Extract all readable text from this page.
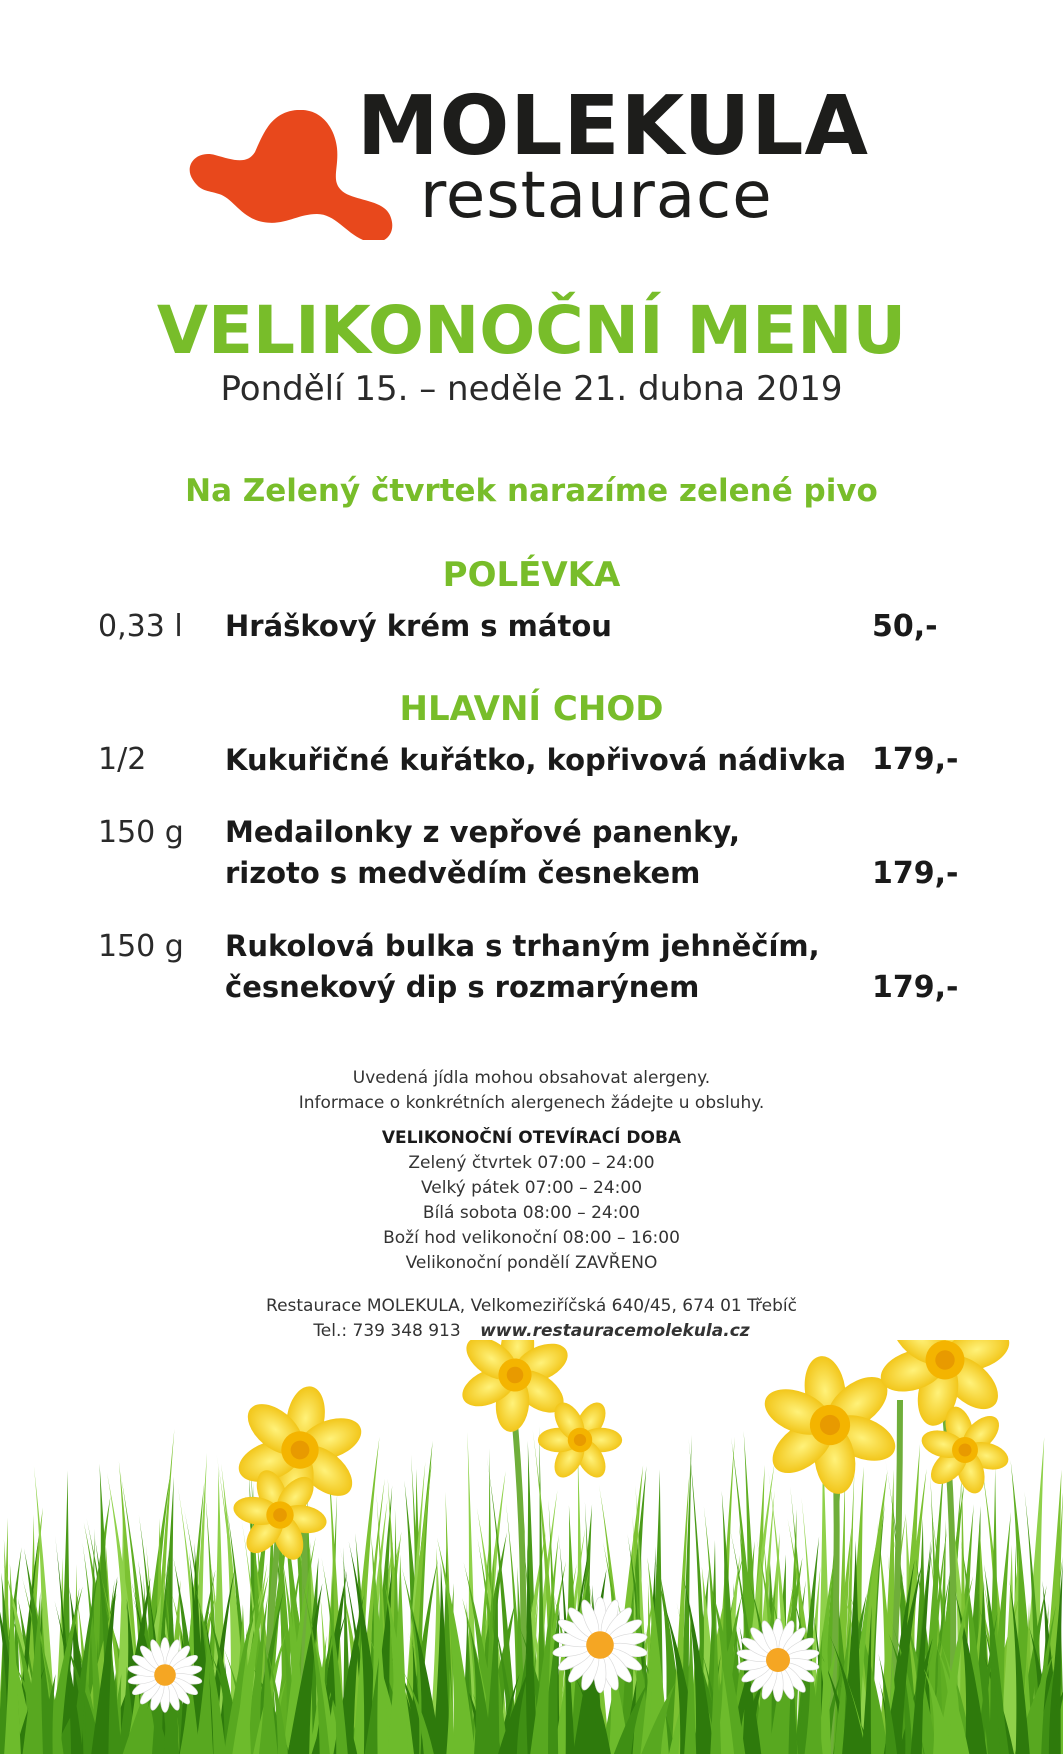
MOLEKULA
restaurace
VELIKONOČNÍ MENU
Pondělí 15. – neděle 21. dubna 2019
Na Zelený čtvrtek narazíme zelené pivo
POLÉVKA
0,33 l Hráškový krém s mátou	50,-
HLAVNÍ CHOD
1/2	Kukuřičné kuřátko, kopřivová nádivka 179,-
150 g Medailonky z vepřové panenky,
rizoto s medvědím česnekem	179,-
150 g Rukolová bulka s trhaným jehněčím,
česnekový dip s rozmarýnem	179,-
Uvedená jídla mohou obsahovat alergeny.
Informace o konkrétních alergenech žádejte u obsluhy.
VELIKONOČNÍ OTEVÍRACÍ DOBA
Zelený čtvrtek 07:00 – 24:00
Velký pátek 07:00 – 24:00
Bílá sobota 08:00 – 24:00
Boží hod velikonoční 08:00 – 16:00
Velikonoční pondělí ZAVŘENO
Restaurace MOLEKULA, Velkomeziříčská 640/45, 674 01 Třebíč
Tel.: 739 348 913 www.restauracemolekula.cz
